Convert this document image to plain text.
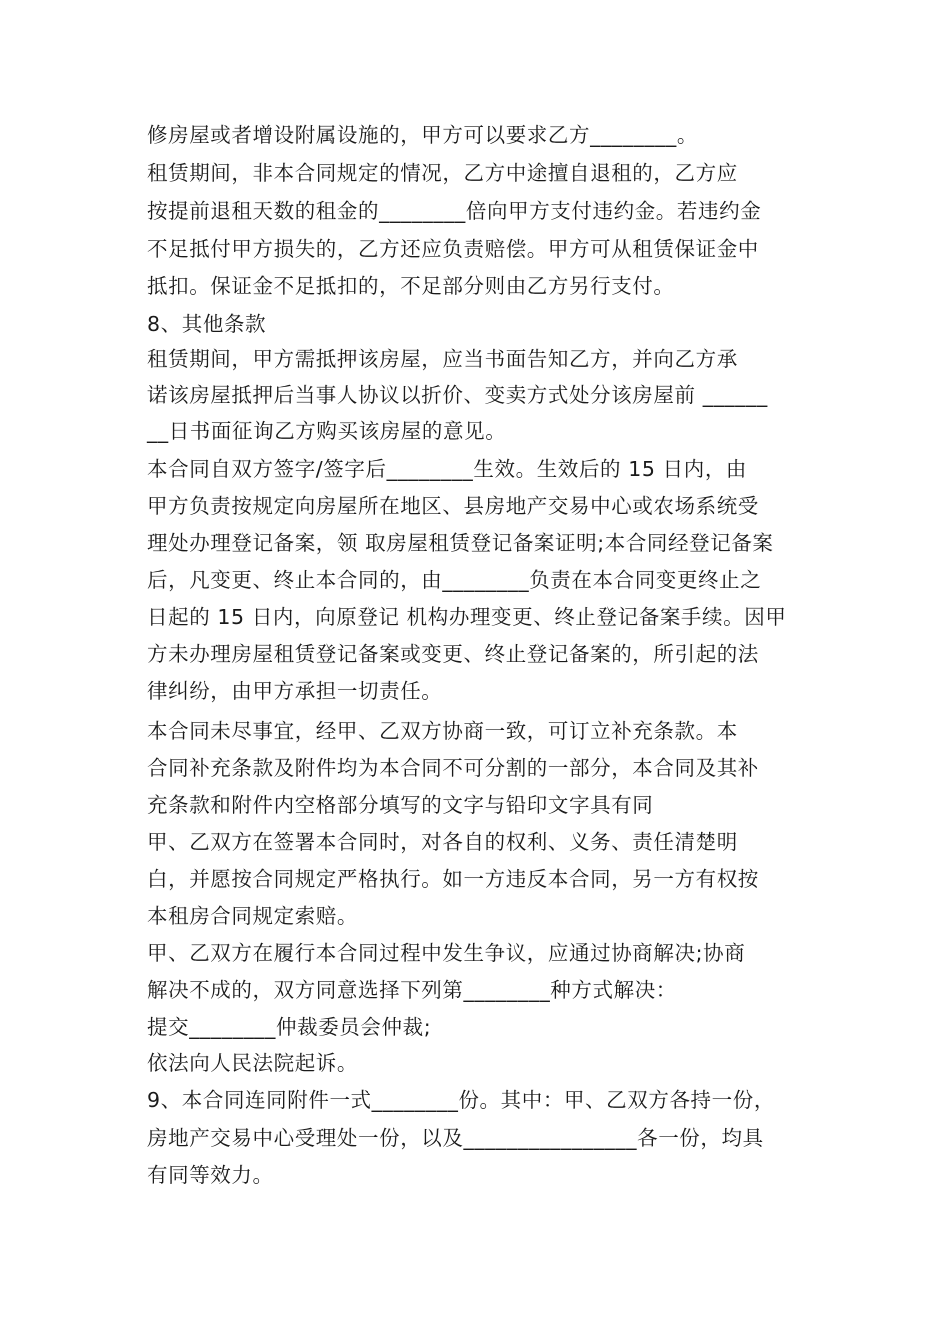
修房屋或者增设附属设施的，甲方可以要求乙方________。
租赁期间，非本合同规定的情况，乙方中途擅自退租的，乙方应
按提前退租天数的租金的________倍向甲方支付违约金。若违约金
不足抵付甲方损失的，乙方还应负责赔偿。甲方可从租赁保证金中
抵扣。保证金不足抵扣的，不足部分则由乙方另行支付。
8、其他条款
租赁期间，甲方需抵押该房屋，应当书面告知乙方，并向乙方承
诺该房屋抵押后当事人协议以折价、变卖方式处分该房屋前 ______
__日书面征询乙方购买该房屋的意见。
本合同自双方签字/签字后________生效。生效后的 15 日内，由
甲方负责按规定向房屋所在地区、县房地产交易中心或农场系统受
理处办理登记备案，领 取房屋租赁登记备案证明;本合同经登记备案
后，凡变更、终止本合同的，由________负责在本合同变更终止之
日起的 15 日内，向原登记 机构办理变更、终止登记备案手续。因甲
方未办理房屋租赁登记备案或变更、终止登记备案的，所引起的法
律纠纷，由甲方承担一切责任。
本合同未尽事宜，经甲、乙双方协商一致，可订立补充条款。本
合同补充条款及附件均为本合同不可分割的一部分，本合同及其补
充条款和附件内空格部分填写的文字与铅印文字具有同
甲、乙双方在签署本合同时，对各自的权利、义务、责任清楚明
白，并愿按合同规定严格执行。如一方违反本合同，另一方有权按
本租房合同规定索赔。
甲、乙双方在履行本合同过程中发生争议，应通过协商解决;协商
解决不成的，双方同意选择下列第________种方式解决：
提交________仲裁委员会仲裁;
依法向人民法院起诉。
9、本合同连同附件一式________份。其中：甲、乙双方各持一份，
房地产交易中心受理处一份，以及________________各一份，均具
有同等效力。
